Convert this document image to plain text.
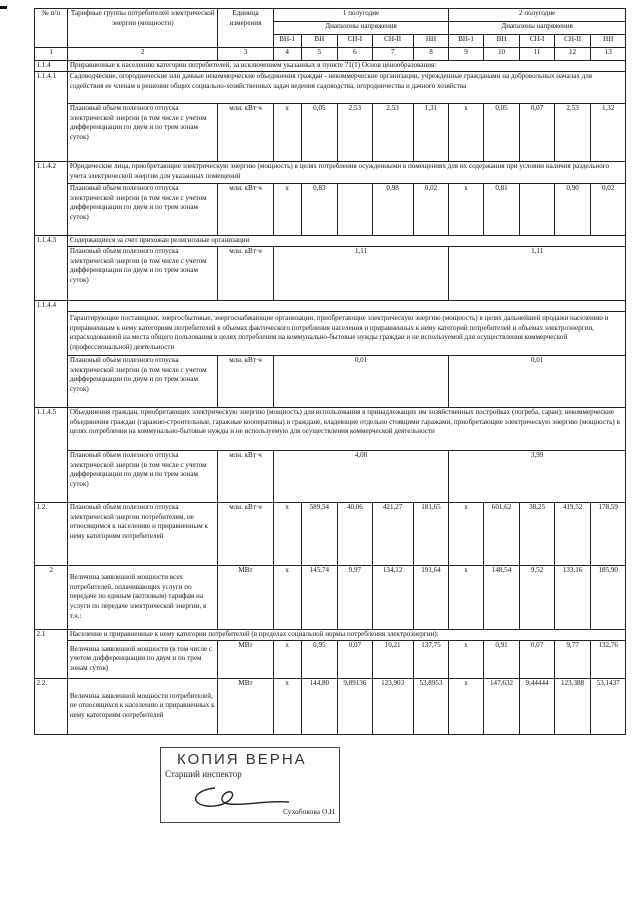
№ п/п	Тарифные группы потребителей электрической энергии (мощности)	Единица измерения	1 полугодие					2 полугодие				
			Диапазоны напряжения					Диапазоны напряжения				
			ВН-1	ВН	СН-I	СН-II	НН	ВН-1	ВН	СН-I	СН-II	НН
1	2	3	4	5	6	7	8	9	10	11	12	13
1.1.4	Приравненные к населению категории потребителей, за исключением указанных в пункте 71(1) Основ ценообразования:											
1.1.4.1	Садоводческие, огороднические или дачные некоммерческие объединения граждан - некоммерческие организации, учрежденные гражданами на добровольных началах для содействия ее членам в решении общих социально-хозяйственных задач ведения садоводства, огородничества и дачного хозяйства											
	Плановый объем полезного отпуска электрической энергии (в том числе с учетом дифференциации по двум и по трем зонам суток)	млн. кВт·ч	х	0,05	2,53	2,53	1,31	х	0,05	0,07	2,53	1,32
1.1.4.2	Юридические лица, приобретающие электрическую энергию (мощность) в целях потребления осужденными в помещениях для их содержания при условии наличия раздельного учета электрической энергии для указанных помещений											
	Плановый объем полезного отпуска электрической энергии (в том числе с учетом дифференциации по двум и по трем зонам суток)	млн. кВт·ч	х	0,83		0,98	0,02	х	0,81		0,90	0,02
1.1.4.3	Содержащиеся за счет прихожан религиозные организации											
	Плановый объем полезного отпуска электрической энергии (в том числе с учетом дифференциации по двум и по трем зонам суток)	млн. кВт·ч	1,11					1,11				
1.1.4.4												
	Гарантирующие поставщики, энергосбытовые, энергоснабжающие организации, приобретающие электрическую энергию (мощность) в целях дальнейшей продажи населению и приравненным к нему категориям потребителей в объемах фактического потребления населения и приравненных к нему категорий потребителей и объемах электроэнергии, израсходованной на места общего пользования в целях потребления на коммунально-бытовые нужды граждан и не используемой для осуществления коммерческой (профессиональной) деятельности											
	Плановый объем полезного отпуска электрической энергии (в том числе с учетом дифференциации по двум и по трем зонам суток)	млн. кВт·ч	0,01					0,01				
1.1.4.5	Объединения граждан, приобретающих электрическую энергию (мощность) для использования в принадлежащих им хозяйственных постройках (погреба, сараи); некоммерческие объединения граждан (гаражно-строительные, гаражные кооперативы) и граждане, владеющие отдельно стоящими гаражами, приобретающие электрическую энергию (мощность) в целях потребления на коммунально-бытовые нужды и не используемую для осуществления коммерческой деятельности											
	Плановый объем полезного отпуска электрической энергии (в том числе с учетом дифференциации по двум и по трем зонам суток)	млн. кВт·ч	4,08					3,99				
1.2.	Плановый объем полезного отпуска электрической энергии потребителям, не относящимся к населению и приравненным к нему категориям потребителей	млн. кВт·ч	х	589,54	40,06	421,27	181,65	х	601,62	38,25	419,52	178,59
2	Величина заявленной мощности всех потребителей, оплачивающих услуги по передаче по единым (котловым) тарифам на услуги по передаче электрической энергии, в т.ч.:	МВт	х	145,74	9,97	134,12	191,64	х	148,54	9,52	133,16	185,90
2.1	Население и приравненные к нему категории потребителей (в пределах социальной нормы потребления электроэнергии):											
	Величина заявленной мощности (в том числе с учетом дифференциации по двум и по трем зонам суток)	МВт	х	0,95	0,07	10,21	137,75	х	0,91	0,07	9,77	132,76
2.2.	Величина заявленной мощности потребителей, не относящихся к населению и приравненных к нему категориям потребителей	МВт	х	144,80	9,89136	123,903	53,8953	х	147,632	9,44444	123,388	53,1437
КОПИЯ ВЕРНА
Старший инспектор
Сухобокова О.Н
